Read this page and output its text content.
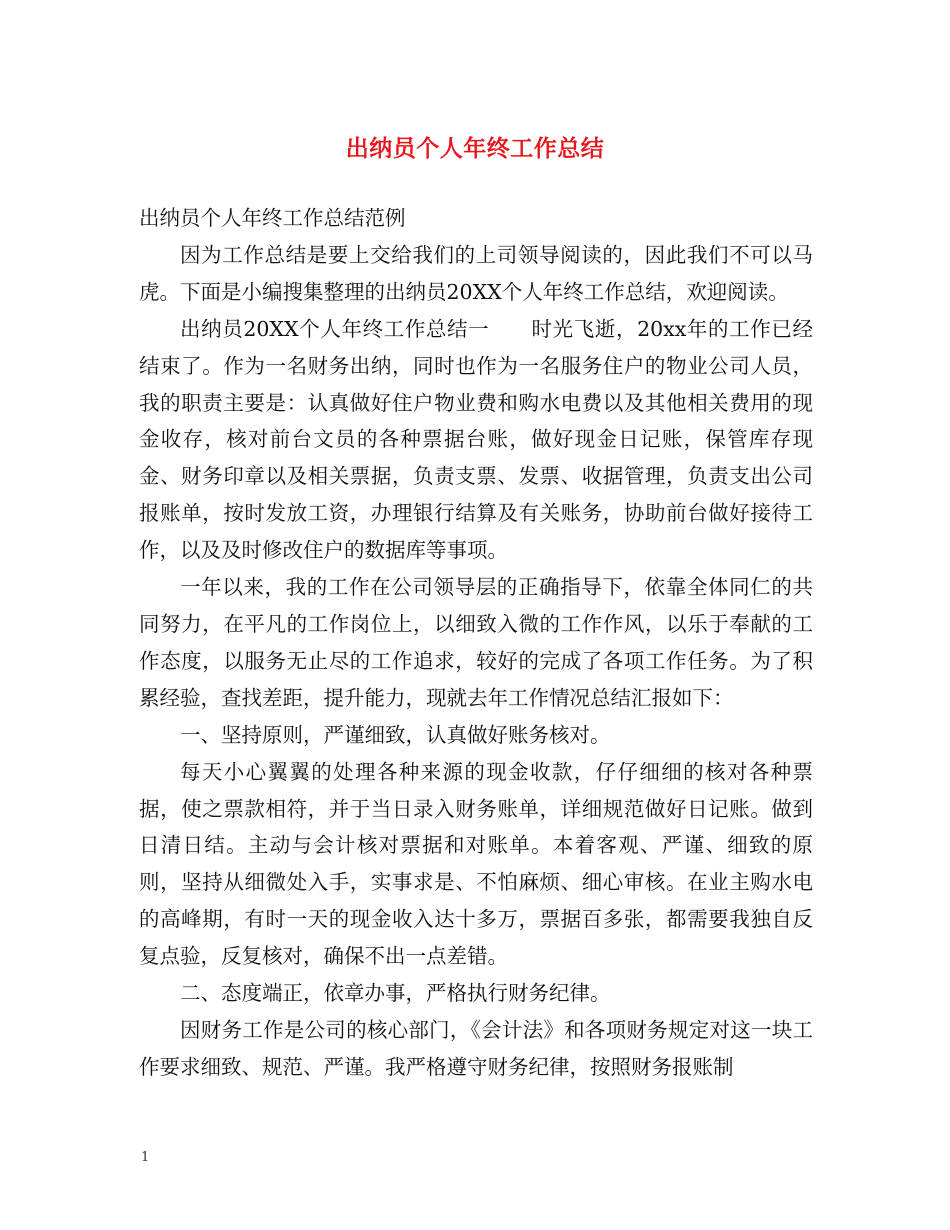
出纳员个人年终工作总结

出纳员个人年终工作总结范例

因为工作总结是要上交给我们的上司领导阅读的，因此我们不可以马虎。下面是小编搜集整理的出纳员20XX个人年终工作总结，欢迎阅读。

出纳员20XX个人年终工作总结一　　时光飞逝，20xx年的工作已经结束了。作为一名财务出纳，同时也作为一名服务住户的物业公司人员，我的职责主要是：认真做好住户物业费和购水电费以及其他相关费用的现金收存，核对前台文员的各种票据台账，做好现金日记账，保管库存现金、财务印章以及相关票据，负责支票、发票、收据管理，负责支出公司报账单，按时发放工资，办理银行结算及有关账务，协助前台做好接待工作，以及及时修改住户的数据库等事项。

一年以来，我的工作在公司领导层的正确指导下，依靠全体同仁的共同努力，在平凡的工作岗位上，以细致入微的工作作风，以乐于奉献的工作态度，以服务无止尽的工作追求，较好的完成了各项工作任务。为了积累经验，查找差距，提升能力，现就去年工作情况总结汇报如下：

一、坚持原则，严谨细致，认真做好账务核对。

每天小心翼翼的处理各种来源的现金收款，仔仔细细的核对各种票据，使之票款相符，并于当日录入财务账单，详细规范做好日记账。做到日清日结。主动与会计核对票据和对账单。本着客观、严谨、细致的原则，坚持从细微处入手，实事求是、不怕麻烦、细心审核。在业主购水电的高峰期，有时一天的现金收入达十多万，票据百多张，都需要我独自反复点验，反复核对，确保不出一点差错。

二、态度端正，依章办事，严格执行财务纪律。

因财务工作是公司的核心部门，《会计法》和各项财务规定对这一块工作要求细致、规范、严谨。我严格遵守财务纪律，按照财务报账制

1
